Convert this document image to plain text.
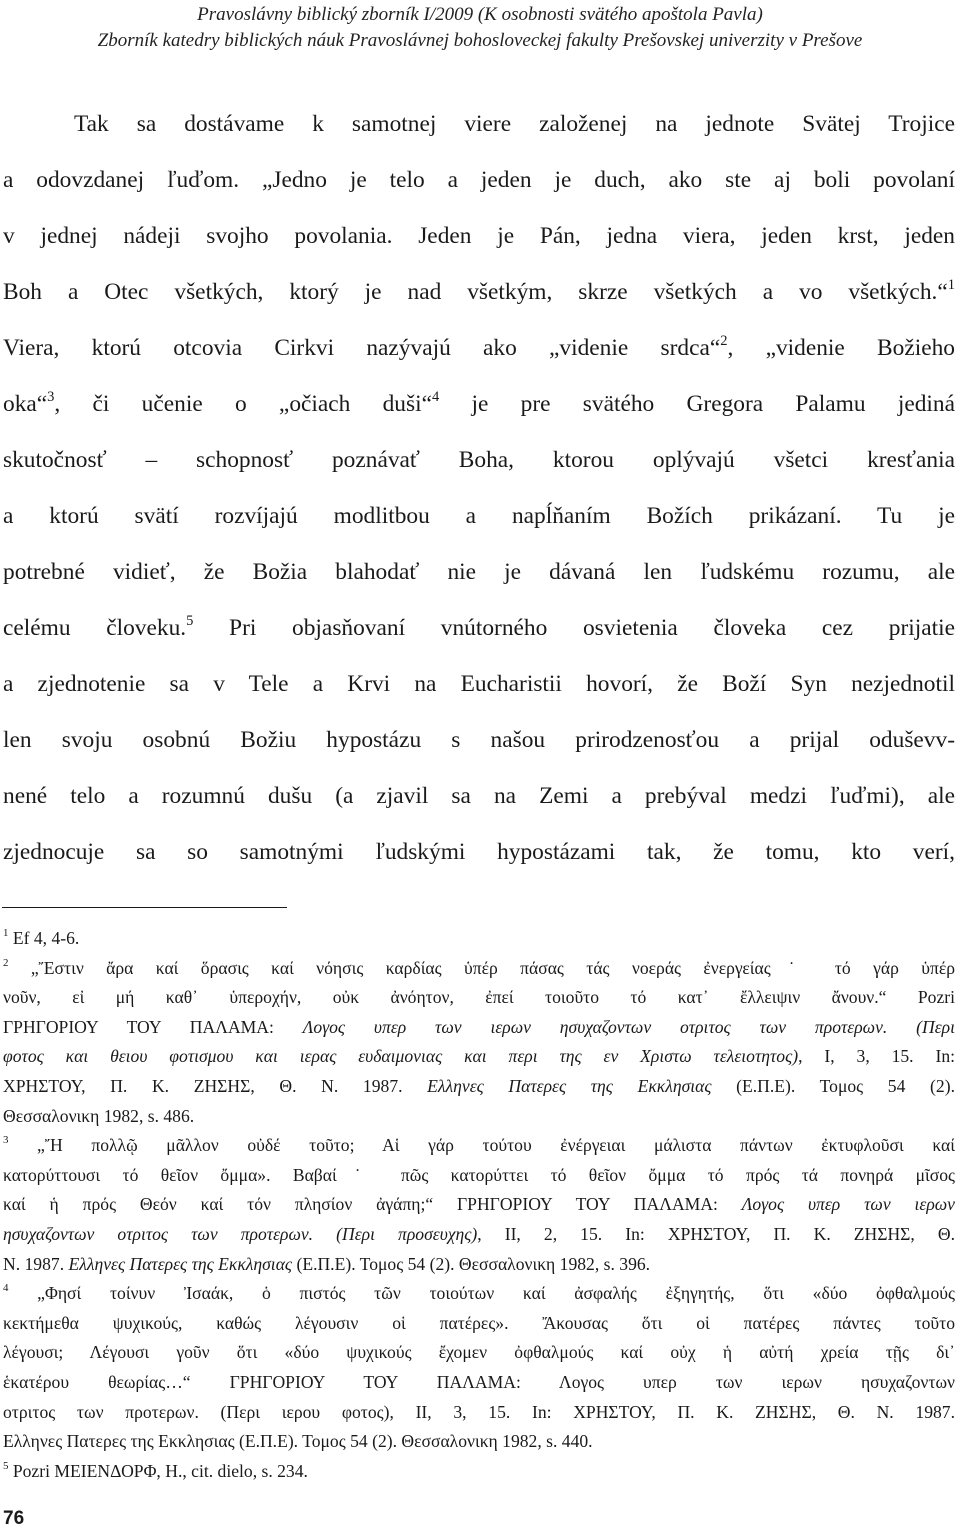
Pravoslávny biblický zborník I/2009 (K osobnosti svätého apoštola Pavla)
Zborník katedry biblických náuk Pravoslávnej bohosloveckej fakulty Prešovskej univerzity v Prešove
Tak sa dostávame k samotnej viere založenej na jednote Svätej Trojice
a odovzdanej ľuďom. „Jedno je telo a jeden je duch, ako ste aj boli povolaní
v jednej nádeji svojho povolania. Jeden je Pán, jedna viera, jeden krst, jeden
Boh a Otec všetkých, ktorý je nad všetkým, skrze všetkých a vo všetkých.“$^1$
Viera, ktorú otcovia Cirkvi nazývajú ako „videnie srdca“$^2$, „videnie Božieho
oka“$^3$, či učenie o „očiach duši“$^4$ je pre svätého Gregora Palamu jediná
skutočnosť – schopnosť poznávať Boha, ktorou oplývajú všetci kresťania
a ktorú svätí rozvíjajú modlitbou a napĺňaním Božích prikázaní. Tu je
potrebné vidieť, že Božia blahodať nie je dávaná len ľudskému rozumu, ale
celému človeku.$^5$ Pri objasňovaní vnútorného osvietenia človeka cez prijatie
a zjednotenie sa v Tele a Krvi na Eucharistii hovorí, že Boží Syn nezjednotil
len svoju osobnú Božiu hypostázu s našou prirodzenosťou a prijal oduševv-
nené telo a rozumnú dušu (a zjavil sa na Zemi a prebýval medzi ľuďmi), ale
zjednocuje sa so samotnými ľudskými hypostázami tak, že tomu, kto verí,
$^1$ Ef 4, 4-6.
$^2$ „Ἔστιν ἄρα καί ὅρασις καί νόησις καρδίας ὑπέρ πάσας τάς νοεράς ἐνεργείας˙ τό γάρ ὑπέρ
νοῦν, εἰ μή καθ᾽ ὑπεροχήν, οὐκ ἀνόητον, ἐπεί τοιοῦτο τό κατ᾽ ἔλλειψιν ἄνουν.“ Pozri
ΓΡΗΓΟΡΙΟΥ ΤΟΥ ΠΑΛΑΜΑ: Λογος υπερ των ιερων ησυχαζοντων οτριτος των προτερων. (Περι
φοτος και θειου φοτισμου και ιερας ευδαιμονιας και περι της εν Χριστω τελειοτητος), I, 3, 15. In:
ΧΡΗΣΤΟΥ, Π. Κ. ΖΗΣΗΣ, Θ. Ν. 1987. Ελληνες Πατερες της Εκκλησιας (Ε.Π.Ε). Τομος 54 (2).
Θεσσαλονικη 1982, s. 486.
$^3$ „Ἤ πολλῷ μᾶλλον οὐδέ τοῦτο; Αἱ γάρ τούτου ἐνέργειαι μάλιστα πάντων ἐκτυφλοῦσι καί
κατορύττουσι τό θεῖον ὄμμα». Βαβαί˙ πῶς κατορύττει τό θεῖον ὄμμα τό πρός τά πονηρά μῖσος
καί ἡ πρός Θεόν καί τόν πλησίον ἀγάπη;“ ΓΡΗΓΟΡΙΟΥ ΤΟΥ ΠΑΛΑΜΑ: Λογος υπερ των ιερων
ησυχαζοντων οτριτος των προτερων. (Περι προσευχης), II, 2, 15. In: ΧΡΗΣΤΟΥ, Π. Κ. ΖΗΣΗΣ, Θ.
Ν. 1987. Ελληνες Πατερες της Εκκλησιας (Ε.Π.Ε). Τομος 54 (2). Θεσσαλονικη 1982, s. 396.
$^4$ „Φησί τοίνυν Ἰσαάκ, ὁ πιστός τῶν τοιούτων καί ἀσφαλής ἐξηγητής, ὅτι «δύο ὀφθαλμούς
κεκτήμεθα ψυχικούς, καθώς λέγουσιν οἱ πατέρες». Ἄκουσας ὅτι οἱ πατέρες πάντες τοῦτο
λέγουσι; Λέγουσι γοῦν ὅτι «δύο ψυχικούς ἔχομεν ὀφθαλμούς καί οὐχ ἡ αὐτή χρεία τῇς δι᾽
ἑκατέρου θεωρίας…“ ΓΡΗΓΟΡΙΟΥ ΤΟΥ ΠΑΛΑΜΑ: Λογος υπερ των ιερων ησυχαζοντων
οτριτος των προτερων. (Περι ιερου φοτος), II, 3, 15. In: ΧΡΗΣΤΟΥ, Π. Κ. ΖΗΣΗΣ, Θ. Ν. 1987.
Ελληνες Πατερες της Εκκλησιας (Ε.Π.Ε). Τομος 54 (2). Θεσσαλονικη 1982, s. 440.
$^5$ Pozri ΜΕΙΕΝΔΟΡΦ, Η., cit. dielo, s. 234.
76
